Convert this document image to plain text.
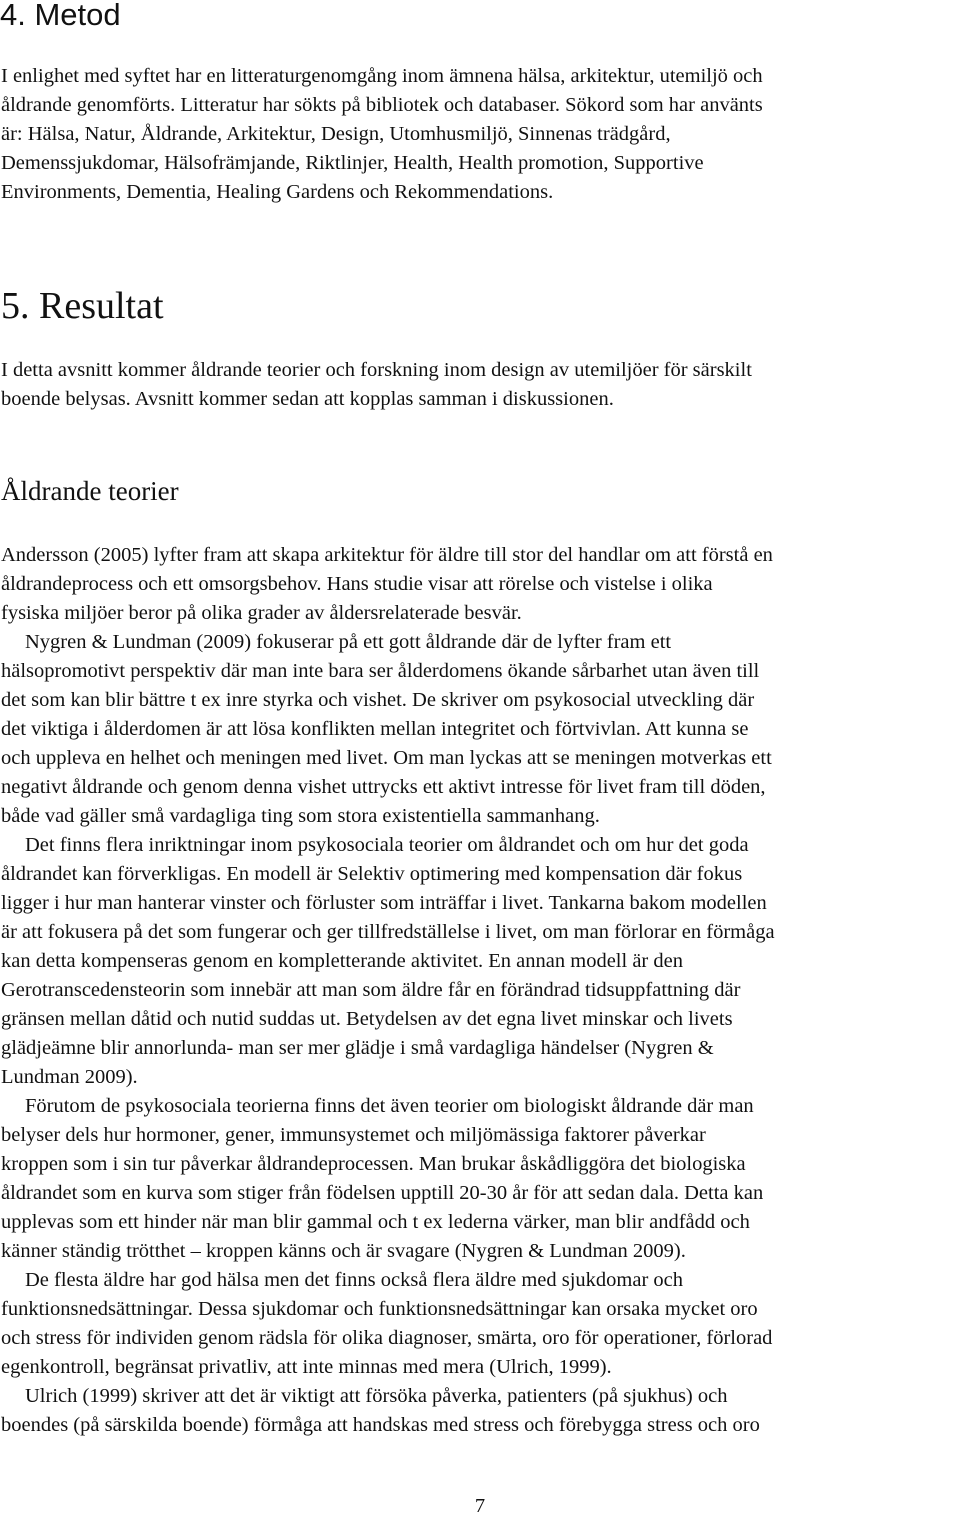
4. Metod
I enlighet med syftet har en litteraturgenomgång inom ämnena hälsa, arkitektur, utemiljö och
åldrande genomförts. Litteratur har sökts på bibliotek och databaser. Sökord som har använts
är: Hälsa, Natur, Åldrande, Arkitektur, Design, Utomhusmiljö, Sinnenas trädgård,
Demenssjukdomar, Hälsofrämjande, Riktlinjer, Health, Health promotion, Supportive
Environments, Dementia, Healing Gardens och Rekommendations.
5. Resultat
I detta avsnitt kommer åldrande teorier och forskning inom design av utemiljöer för särskilt
boende belysas. Avsnitt kommer sedan att kopplas samman i diskussionen.
Åldrande teorier
Andersson (2005) lyfter fram att skapa arkitektur för äldre till stor del handlar om att förstå en
åldrandeprocess och ett omsorgsbehov. Hans studie visar att rörelse och vistelse i olika
fysiska miljöer beror på olika grader av åldersrelaterade besvär.
Nygren & Lundman (2009) fokuserar på ett gott åldrande där de lyfter fram ett
hälsopromotivt perspektiv där man inte bara ser ålderdomens ökande sårbarhet utan även till
det som kan blir bättre t ex inre styrka och vishet. De skriver om psykosocial utveckling där
det viktiga i ålderdomen är att lösa konflikten mellan integritet och förtvivlan. Att kunna se
och uppleva en helhet och meningen med livet. Om man lyckas att se meningen motverkas ett
negativt åldrande och genom denna vishet uttrycks ett aktivt intresse för livet fram till döden,
både vad gäller små vardagliga ting som stora existentiella sammanhang.
Det finns flera inriktningar inom psykosociala teorier om åldrandet och om hur det goda
åldrandet kan förverkligas. En modell är Selektiv optimering med kompensation där fokus
ligger i hur man hanterar vinster och förluster som inträffar i livet. Tankarna bakom modellen
är att fokusera på det som fungerar och ger tillfredställelse i livet, om man förlorar en förmåga
kan detta kompenseras genom en kompletterande aktivitet. En annan modell är den
Gerotranscedensteorin som innebär att man som äldre får en förändrad tidsuppfattning där
gränsen mellan dåtid och nutid suddas ut. Betydelsen av det egna livet minskar och livets
glädjeämne blir annorlunda- man ser mer glädje i små vardagliga händelser (Nygren &
Lundman 2009).
Förutom de psykosociala teorierna finns det även teorier om biologiskt åldrande där man
belyser dels hur hormoner, gener, immunsystemet och miljömässiga faktorer påverkar
kroppen som i sin tur påverkar åldrandeprocessen. Man brukar åskådliggöra det biologiska
åldrandet som en kurva som stiger från födelsen upptill 20-30 år för att sedan dala. Detta kan
upplevas som ett hinder när man blir gammal och t ex lederna värker, man blir andfådd och
känner ständig trötthet – kroppen känns och är svagare (Nygren & Lundman 2009).
De flesta äldre har god hälsa men det finns också flera äldre med sjukdomar och
funktionsnedsättningar. Dessa sjukdomar och funktionsnedsättningar kan orsaka mycket oro
och stress för individen genom rädsla för olika diagnoser, smärta, oro för operationer, förlorad
egenkontroll, begränsat privatliv, att inte minnas med mera (Ulrich, 1999).
Ulrich (1999) skriver att det är viktigt att försöka påverka, patienters (på sjukhus) och
boendes (på särskilda boende) förmåga att handskas med stress och förebygga stress och oro
7
